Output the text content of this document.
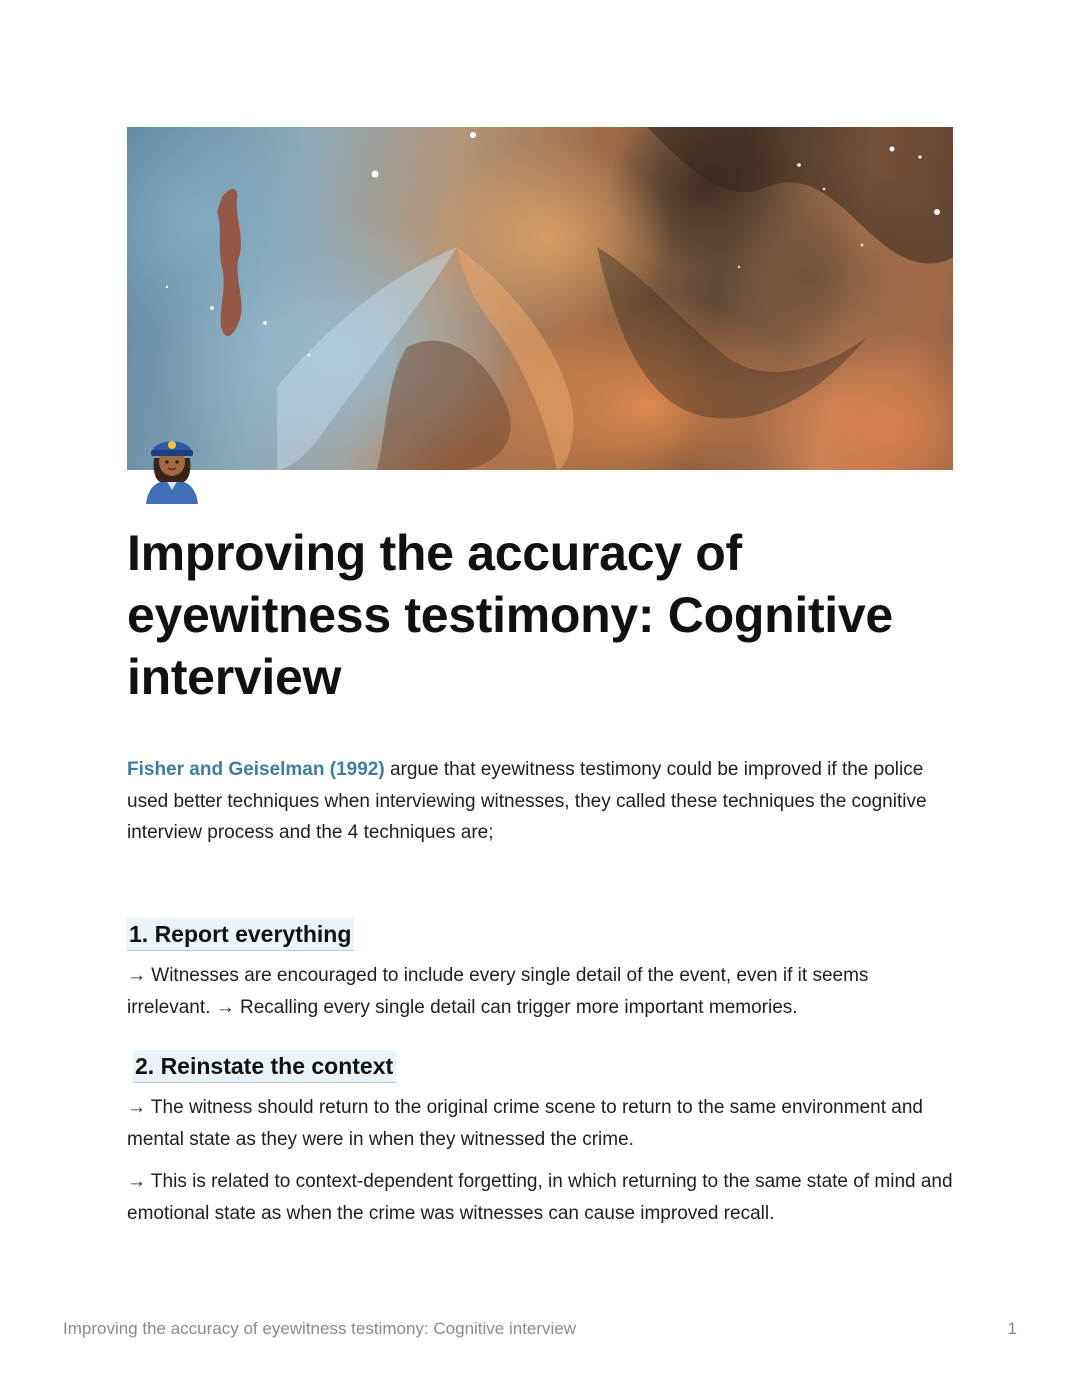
Improving the accuracy of eyewitness testimony: Cognitive interview

Fisher and Geiselman (1992) argue that eyewitness testimony could be improved if the police used better techniques when interviewing witnesses, they called these techniques the cognitive interview process and the 4 techniques are;

1. Report everything

→ Witnesses are encouraged to include every single detail of the event, even if it seems irrelevant. → Recalling every single detail can trigger more important memories.

2. Reinstate the context

→ The witness should return to the original crime scene to return to the same environment and mental state as they were in when they witnessed the crime.

→ This is related to context-dependent forgetting, in which returning to the same state of mind and emotional state as when the crime was witnesses can cause improved recall.

Improving the accuracy of eyewitness testimony: Cognitive interview	1
